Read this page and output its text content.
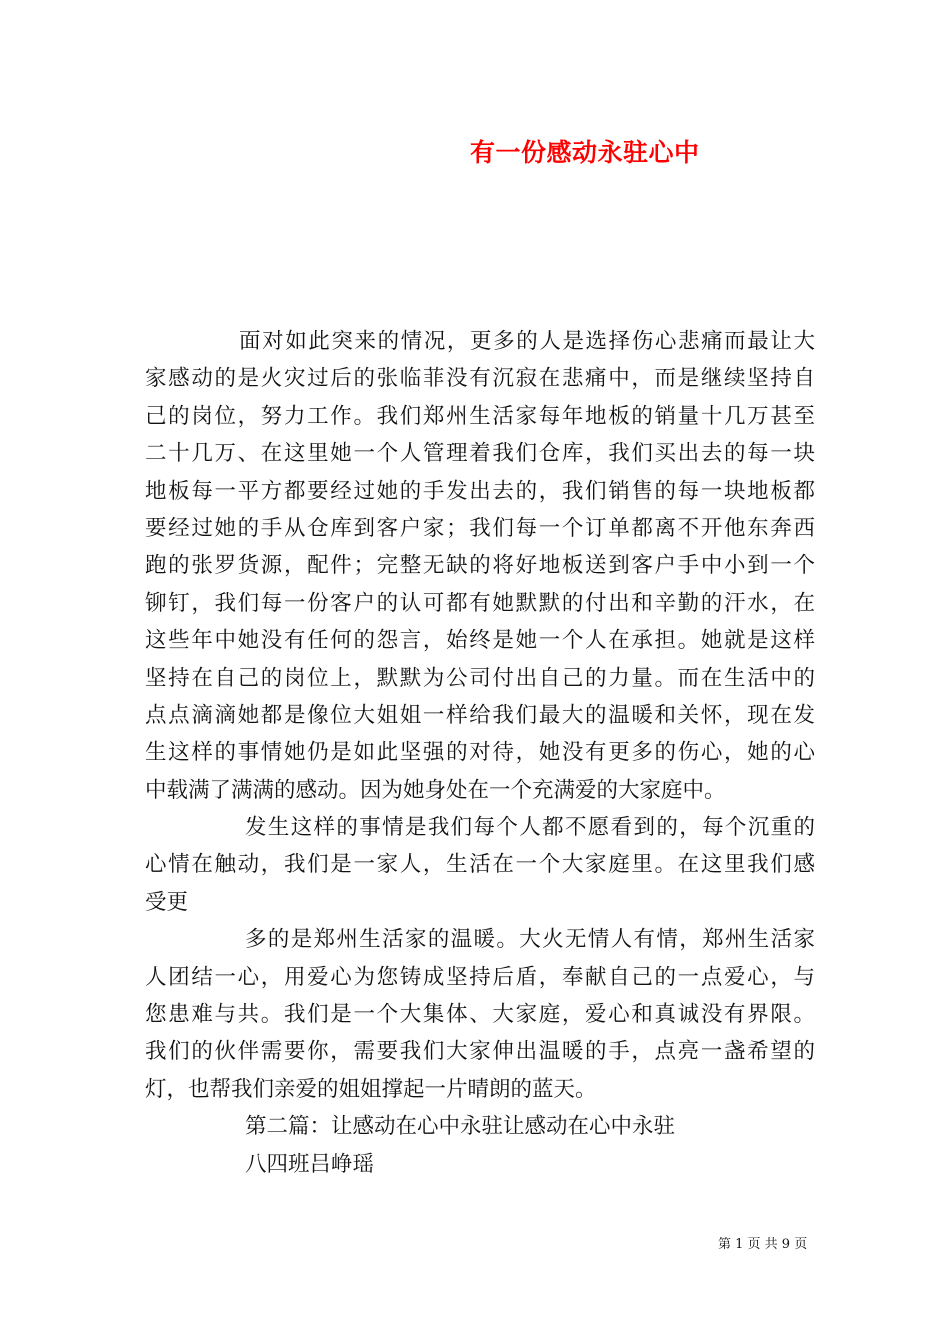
有一份感动永驻心中
面对如此突来的情况，更多的人是选择伤心悲痛而最让大
家感动的是火灾过后的张临菲没有沉寂在悲痛中，而是继续坚持自
己的岗位，努力工作。我们郑州生活家每年地板的销量十几万甚至
二十几万、在这里她一个人管理着我们仓库，我们买出去的每一块
地板每一平方都要经过她的手发出去的，我们销售的每一块地板都
要经过她的手从仓库到客户家；我们每一个订单都离不开他东奔西
跑的张罗货源，配件；完整无缺的将好地板送到客户手中小到一个
铆钉，我们每一份客户的认可都有她默默的付出和辛勤的汗水，在
这些年中她没有任何的怨言，始终是她一个人在承担。她就是这样
坚持在自己的岗位上，默默为公司付出自己的力量。而在生活中的
点点滴滴她都是像位大姐姐一样给我们最大的温暖和关怀，现在发
生这样的事情她仍是如此坚强的对待，她没有更多的伤心，她的心
中载满了满满的感动。因为她身处在一个充满爱的大家庭中。
发生这样的事情是我们每个人都不愿看到的，每个沉重的
心情在触动，我们是一家人，生活在一个大家庭里。在这里我们感
受更
多的是郑州生活家的温暖。大火无情人有情，郑州生活家
人团结一心，用爱心为您铸成坚持后盾，奉献自己的一点爱心，与
您患难与共。我们是一个大集体、大家庭，爱心和真诚没有界限。
我们的伙伴需要你，需要我们大家伸出温暖的手，点亮一盏希望的
灯，也帮我们亲爱的姐姐撑起一片晴朗的蓝天。
第二篇：让感动在心中永驻让感动在心中永驻
八四班吕峥瑶
第 1 页 共 9 页
